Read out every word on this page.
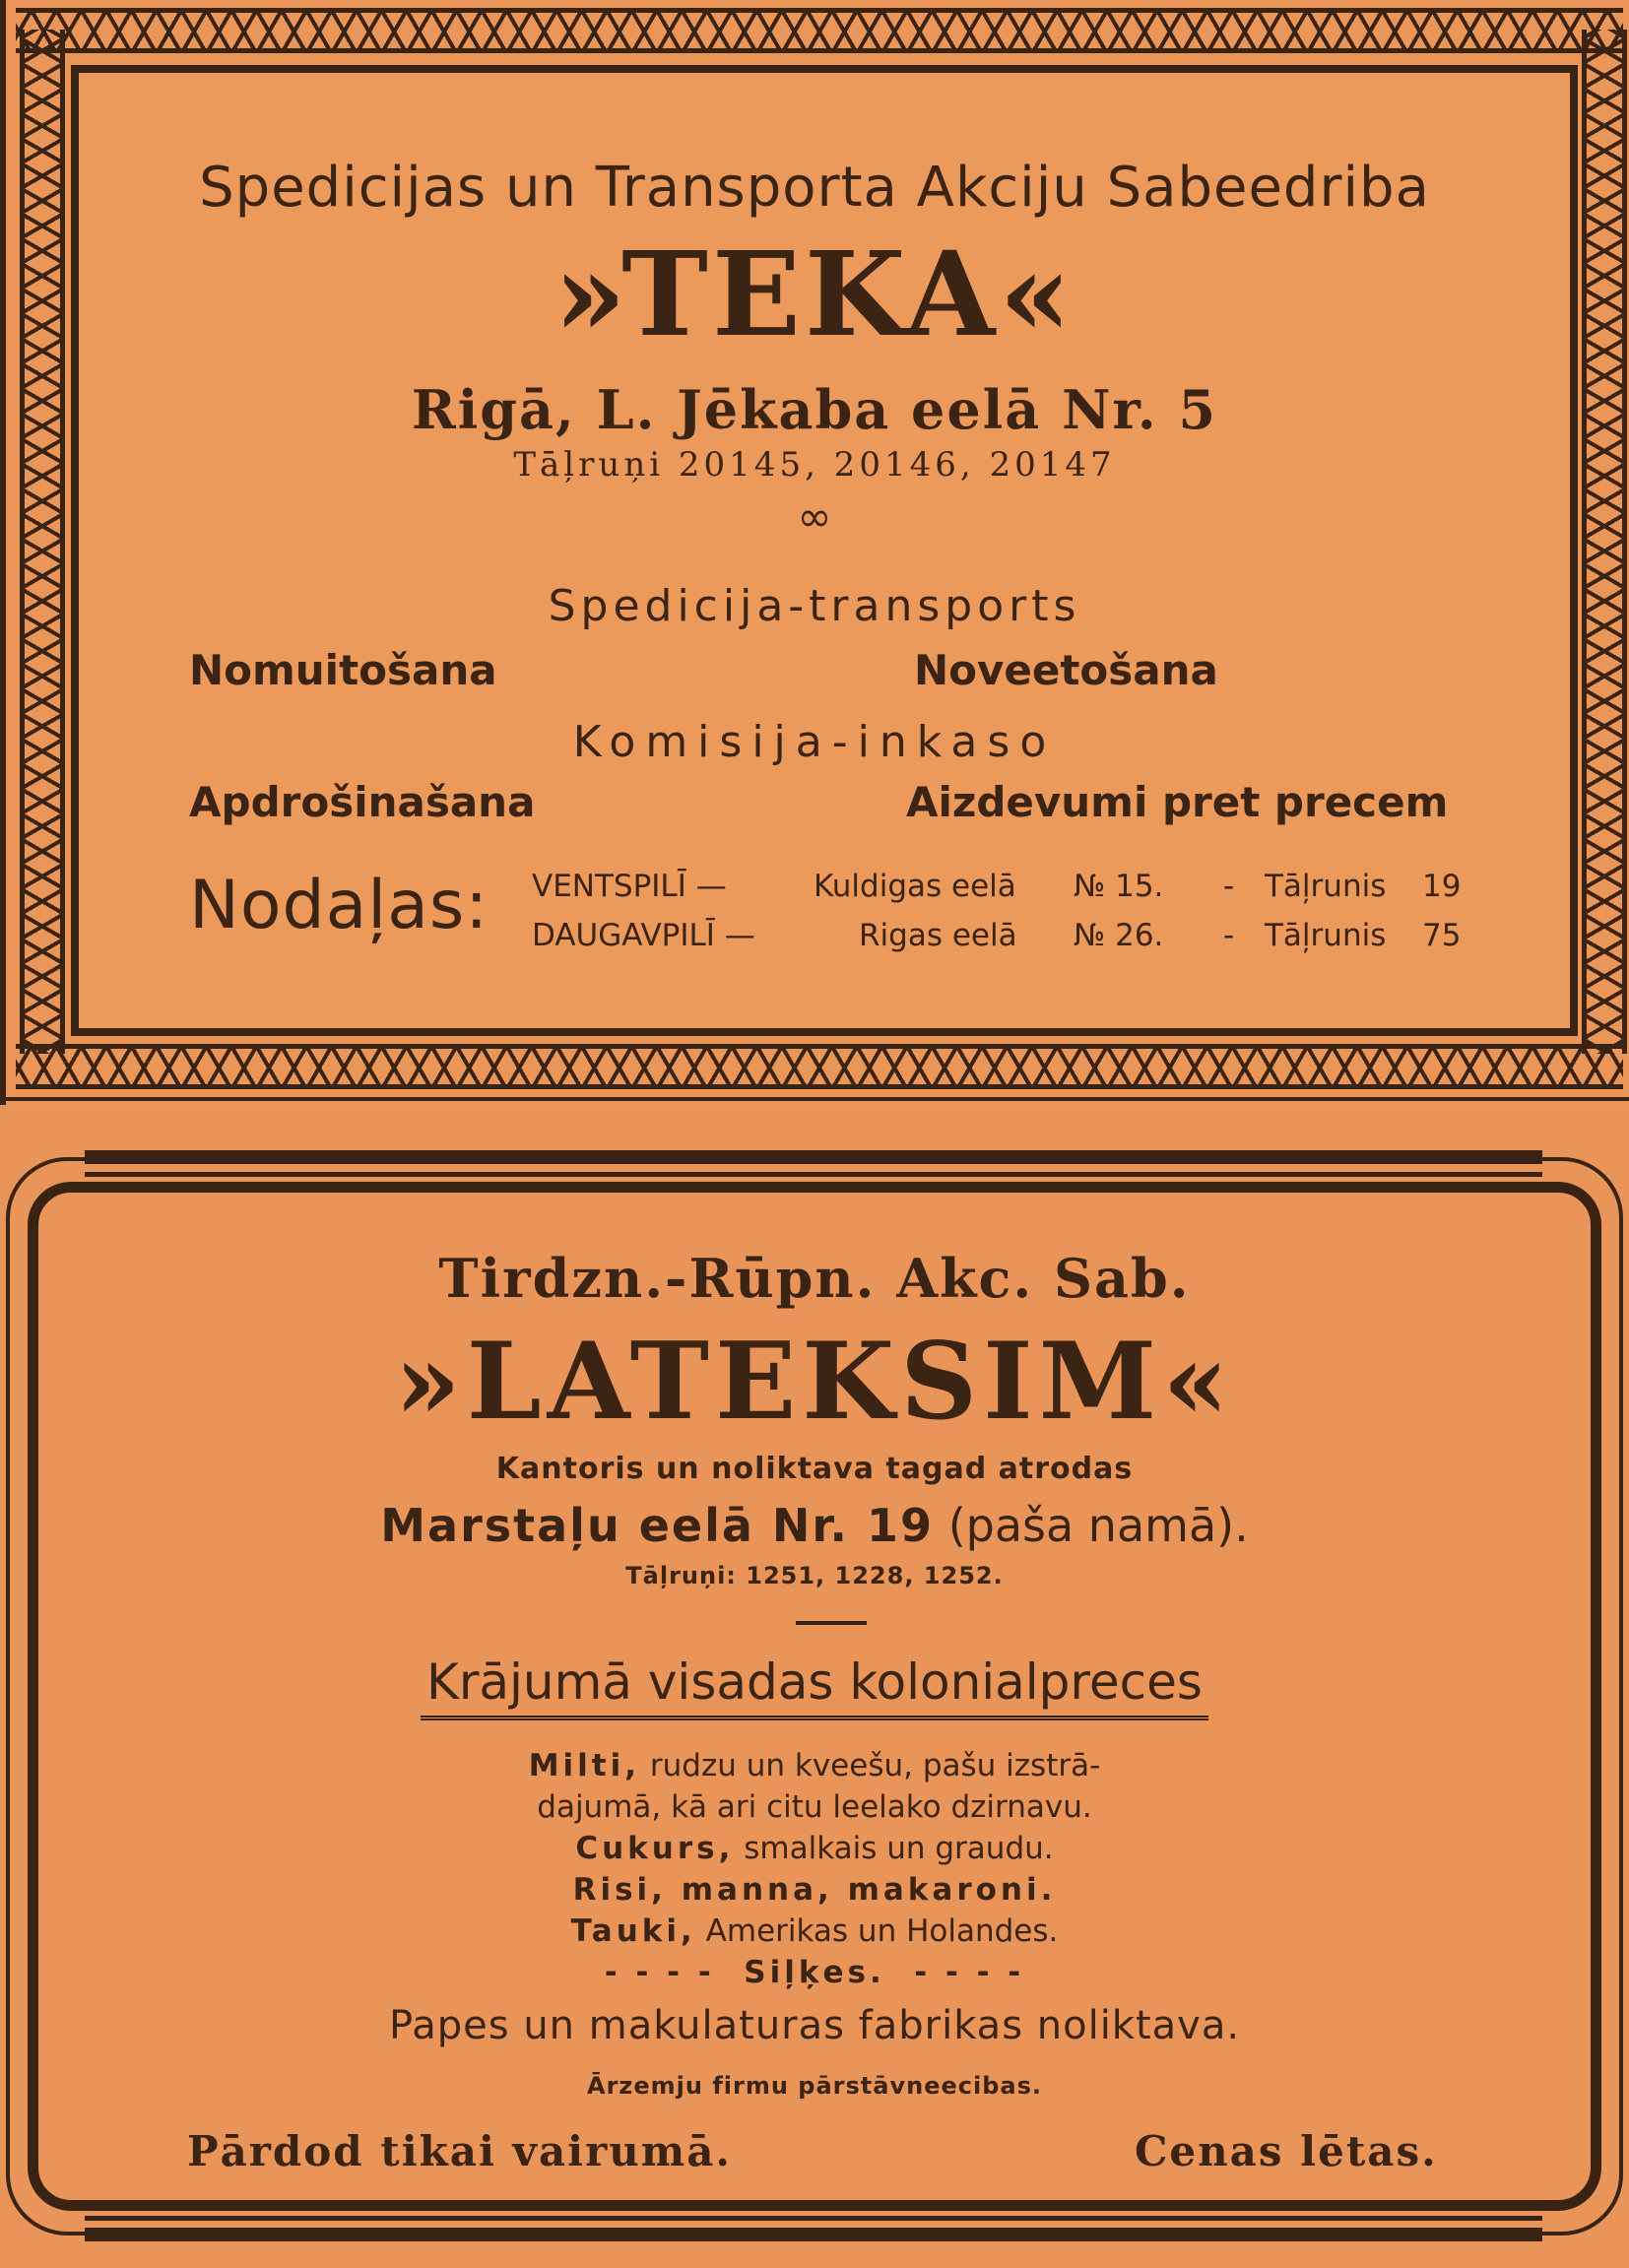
Spedicijas un Transporta Akciju Sabeedriba
»TEKA«
Rigā, L. Jēkaba eelā Nr. 5
Tāļruņi 20145, 20146, 20147
∞
Spedicija-transports
Nomuitošana	Noveetošana
Komisija-inkaso
Apdrošinašana	Aizdevumi pret precem
Nodaļas: VENTSPILĪ —	Kuldigas eelā № 15. - Tāļrunis 19
DAUGAVPILĪ —	Rigas eelā № 26. - Tāļrunis 75
Tirdzn.-Rūpn. Akc. Sab.
»LATEKSIM«
Kantoris un noliktava tagad atrodas
Marstaļu eelā Nr. 19 (paša namā).
Tāļruņi: 1251, 1228, 1252.
Krājumā visadas kolonialpreces
Milti, rudzu un kveešu, pašu izstrā-
dajumā, kā ari citu leelako dzirnavu.
Cukurs, smalkais un graudu.
Risi, manna, makaroni.
Tauki, Amerikas un Holandes.
- - - -  Siļķes.  - - - -
Papes un makulaturas fabrikas noliktava.
Ārzemju firmu pārstāvneecibas.
Pārdod tikai vairumā.	Cenas lētas.
